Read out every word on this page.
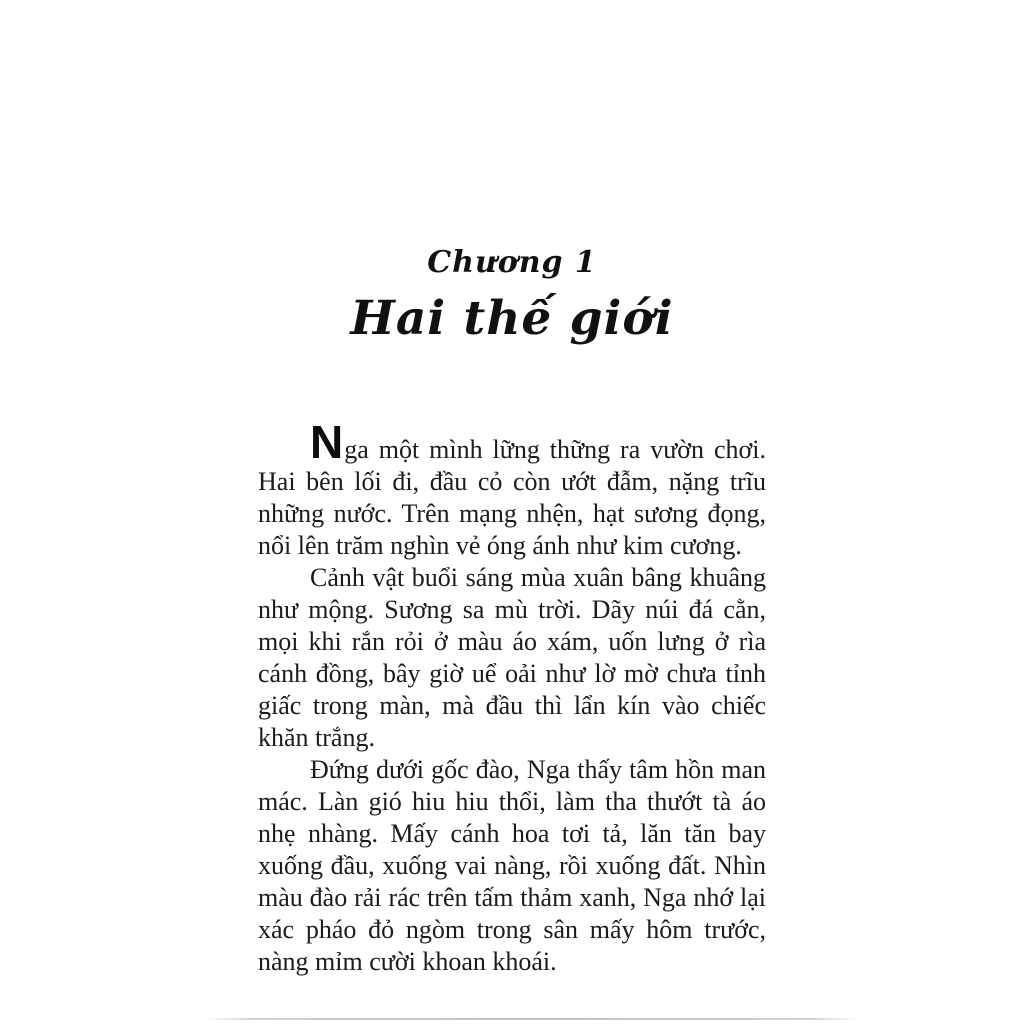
Chương 1
Hai thế giới

Nga một mình lững thững ra vườn chơi. Hai bên lối đi, đầu cỏ còn ướt đẫm, nặng trĩu những nước. Trên mạng nhện, hạt sương đọng, nổi lên trăm nghìn vẻ óng ánh như kim cương.

Cảnh vật buổi sáng mùa xuân bâng khuâng như mộng. Sương sa mù trời. Dãy núi đá cằn, mọi khi rắn rỏi ở màu áo xám, uốn lưng ở rìa cánh đồng, bây giờ uể oải như lờ mờ chưa tỉnh giấc trong màn, mà đầu thì lẩn kín vào chiếc khăn trắng.

Đứng dưới gốc đào, Nga thấy tâm hồn man mác. Làn gió hiu hiu thổi, làm tha thướt tà áo nhẹ nhàng. Mấy cánh hoa tơi tả, lăn tăn bay xuống đầu, xuống vai nàng, rồi xuống đất. Nhìn màu đào rải rác trên tấm thảm xanh, Nga nhớ lại xác pháo đỏ ngòm trong sân mấy hôm trước, nàng mỉm cười khoan khoái.
